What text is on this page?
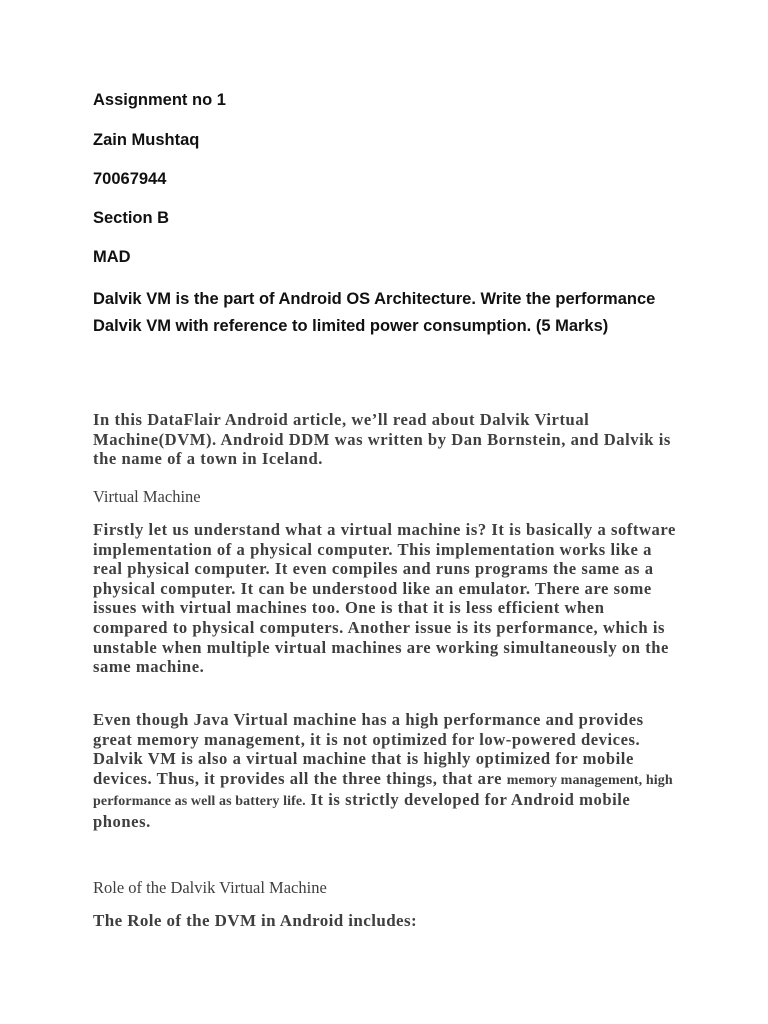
Assignment no 1

Zain Mushtaq

70067944

Section B

MAD

Dalvik VM is the part of Android OS Architecture. Write the performance Dalvik VM with reference to limited power consumption. (5 Marks)

In this DataFlair Android article, we’ll read about Dalvik Virtual Machine(DVM). Android DDM was written by Dan Bornstein, and Dalvik is the name of a town in Iceland.

Virtual Machine

Firstly let us understand what a virtual machine is? It is basically a software implementation of a physical computer. This implementation works like a real physical computer. It even compiles and runs programs the same as a physical computer. It can be understood like an emulator. There are some issues with virtual machines too. One is that it is less efficient when compared to physical computers. Another issue is its performance, which is unstable when multiple virtual machines are working simultaneously on the same machine.

Even though Java Virtual machine has a high performance and provides great memory management, it is not optimized for low-powered devices. Dalvik VM is also a virtual machine that is highly optimized for mobile devices. Thus, it provides all the three things, that are memory management, high performance as well as battery life. It is strictly developed for Android mobile phones.

Role of the Dalvik Virtual Machine

The Role of the DVM in Android includes:
